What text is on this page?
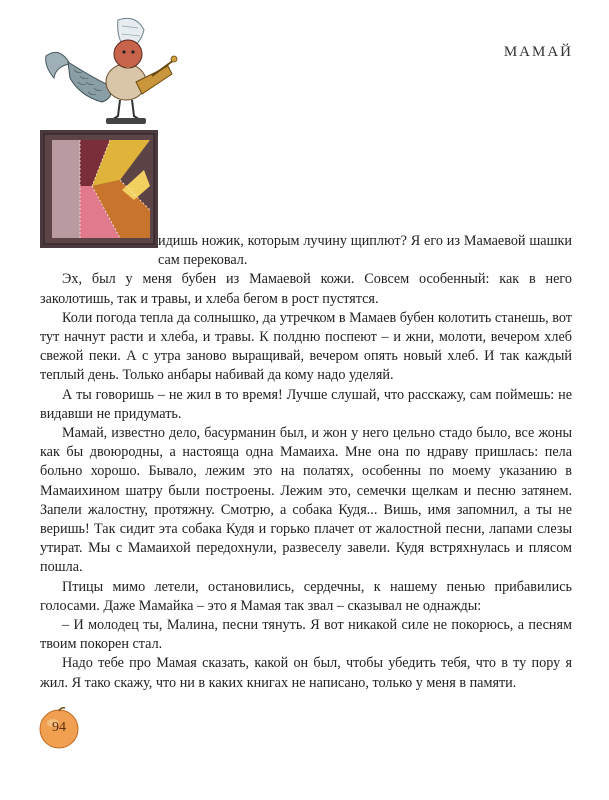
МАМАЙ

идишь ножик, которым лучину щиплют? Я его из Мамаевой шашки сам перековал.

Эх, был у меня бубен из Мамаевой кожи. Совсем особенный: как в него заколотишь, так и травы, и хлеба бегом в рост пустятся.

Коли погода тепла да солнышко, да утречком в Мамаев бубен колотить станешь, вот тут начнут расти и хлеба, и травы. К полдню поспеют – и жни, молоти, вечером хлеб свежой пеки. А с утра заново выращивай, вечером опять новый хлеб. И так каждый теплый день. Только анбары набивай да кому надо уделяй.

А ты говоришь – не жил в то время! Лучше слушай, что расскажу, сам поймешь: не видавши не придумать.

Мамай, известно дело, басурманин был, и жон у него цельно стадо было, все жоны как бы двоюродны, а настояща одна Мамаиха. Мне она по ндраву пришлась: пела больно хорошо. Бывало, лежим это на полатях, особенны по моему указанию в Мамаихином шатру были построены. Лежим это, семечки щелкам и песню затянем. Запели жалостну, протяжну. Смотрю, а собака Кудя... Вишь, имя запомнил, а ты не веришь! Так сидит эта собака Кудя и горько плачет от жалостной песни, лапами слезы утират. Мы с Мамаихой передохнули, развеселу завели. Кудя встряхнулась и плясом пошла.

Птицы мимо летели, остановились, сердечны, к нашему пенью прибавились голосами. Даже Мамайка – это я Мамая так звал – сказывал не однажды:

– И молодец ты, Малина, песни тянуть. Я вот никакой силе не покорюсь, а песням твоим покорен стал.

Надо тебе про Мамая сказать, какой он был, чтобы убедить тебя, что в ту пору я жил. Я тако скажу, что ни в каких книгах не написано, только у меня в памяти.

94
